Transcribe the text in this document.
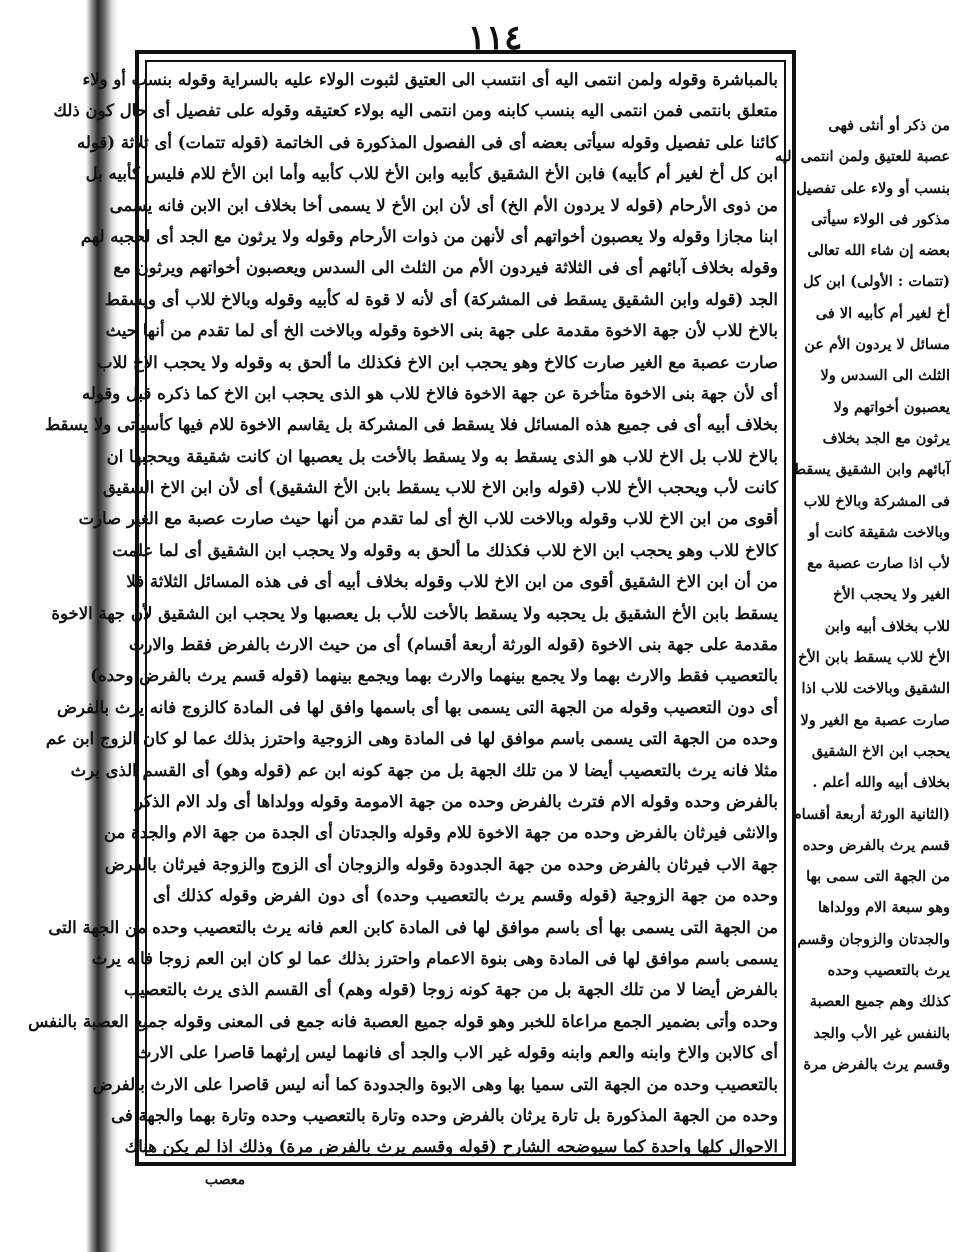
١١٤
بالمباشرة وقوله ولمن انتمى اليه أى انتسب الى العتيق لثبوت الولاء عليه بالسراية وقوله بنسب أو ولاء
متعلق بانتمى فمن انتمى اليه بنسب كابنه ومن انتمى اليه بولاء كعتيقه وقوله على تفصيل أى حال كون ذلك
كائنا على تفصيل وقوله سيأتى بعضه أى فى الفصول المذكورة فى الخاتمة (قوله تتمات) أى ثلاثة (قوله
ابن كل أخ لغير أم كأبيه) فابن الأخ الشقيق كأبيه وابن الأخ للاب كأبيه وأما ابن الأخ للام فليس كأبيه بل
من ذوى الأرحام (قوله لا يردون الأم الخ) أى لأن ابن الأخ لا يسمى أخا بخلاف ابن الابن فانه يسمى
ابنا مجازا وقوله ولا يعصبون أخواتهم أى لأنهن من ذوات الأرحام وقوله ولا يرثون مع الجد أى لحجبه لهم
وقوله بخلاف آبائهم أى فى الثلاثة فيردون الأم من الثلث الى السدس ويعصبون أخواتهم ويرثون مع
الجد (قوله وابن الشقيق يسقط فى المشركة) أى لأنه لا قوة له كأبيه وقوله وبالاخ للاب أى ويسقط
بالاخ للاب لأن جهة الاخوة مقدمة على جهة بنى الاخوة وقوله وبالاخت الخ أى لما تقدم من أنها حيث
صارت عصبة مع الغير صارت كالاخ وهو يحجب ابن الاخ فكذلك ما ألحق به وقوله ولا يحجب الاخ للاب
أى لأن جهة بنى الاخوة متأخرة عن جهة الاخوة فالاخ للاب هو الذى يحجب ابن الاخ كما ذكره قبل وقوله
بخلاف أبيه أى فى جميع هذه المسائل فلا يسقط فى المشركة بل يقاسم الاخوة للام فيها كأسيأتى ولا يسقط
بالاخ للاب بل الاخ للاب هو الذى يسقط به ولا يسقط بالأخت بل يعصبها ان كانت شقيقة ويحجبها ان
كانت لأب ويحجب الأخ للاب (قوله وابن الاخ للاب يسقط بابن الأخ الشقيق) أى لأن ابن الاخ الشقيق
أقوى من ابن الاخ للاب وقوله وبالاخت للاب الخ أى لما تقدم من أنها حيث صارت عصبة مع الغير صارت
كالاخ للاب وهو يحجب ابن الاخ للاب فكذلك ما ألحق به وقوله ولا يحجب ابن الشقيق أى لما علمت
من أن ابن الاخ الشقيق أقوى من ابن الاخ للاب وقوله بخلاف أبيه أى فى هذه المسائل الثلاثة فلا
يسقط بابن الأخ الشقيق بل يحجبه ولا يسقط بالأخت للأب بل يعصبها ولا يحجب ابن الشقيق لأن جهة الاخوة
مقدمة على جهة بنى الاخوة (قوله الورثة أربعة أقسام) أى من حيث الارث بالفرض فقط والارث
بالتعصيب فقط والارث بهما ولا يجمع بينهما والارث بهما ويجمع بينهما (قوله قسم يرث بالفرض وحده)
أى دون التعصيب وقوله من الجهة التى يسمى بها أى باسمها وافق لها فى المادة كالزوج فانه يرث بالفرض
وحده من الجهة التى يسمى باسم موافق لها فى المادة وهى الزوجية واحترز بذلك عما لو كان الزوج ابن عم
مثلا فانه يرث بالتعصيب أيضا لا من تلك الجهة بل من جهة كونه ابن عم (قوله وهو) أى القسم الذى يرث
بالفرض وحده وقوله الام فترث بالفرض وحده من جهة الامومة وقوله وولداها أى ولد الام الذكر
والانثى فيرثان بالفرض وحده من جهة الاخوة للام وقوله والجدتان أى الجدة من جهة الام والجدة من
جهة الاب فيرثان بالفرض وحده من جهة الجدودة وقوله والزوجان أى الزوج والزوجة فيرثان بالفرض
وحده من جهة الزوجية (قوله وقسم يرث بالتعصيب وحده) أى دون الفرض وقوله كذلك أى
من الجهة التى يسمى بها أى باسم موافق لها فى المادة كابن العم فانه يرث بالتعصيب وحده من الجهة التى
يسمى باسم موافق لها فى المادة وهى بنوة الاعمام واحترز بذلك عما لو كان ابن العم زوجا فانه يرث
بالفرض أيضا لا من تلك الجهة بل من جهة كونه زوجا (قوله وهم) أى القسم الذى يرث بالتعصيب
وحده وأتى بضمير الجمع مراعاة للخبر وهو قوله جميع العصبة فانه جمع فى المعنى وقوله جميع العصبة بالنفس
أى كالابن والاخ وابنه والعم وابنه وقوله غير الاب والجد أى فانهما ليس إرثهما قاصرا على الارث
بالتعصيب وحده من الجهة التى سميا بها وهى الابوة والجدودة كما أنه ليس قاصرا على الارث بالفرض
وحده من الجهة المذكورة بل تارة يرثان بالفرض وحده وتارة بالتعصيب وحده وتارة بهما والجهة فى
الاحوال كلها واحدة كما سيوضحه الشارح (قوله وقسم يرث بالفرض مرة) وذلك اذا لم يكن هناك
من ذكر أو أنثى فهى
عصبة للعتيق ولمن انتمى اليه
بنسب أو ولاء على تفصيل
مذكور فى الولاء سيأتى
بعضه إن شاء الله تعالى
(تتمات : الأولى) ابن كل
أخ لغير أم كأبيه الا فى
مسائل لا يردون الأم عن
الثلث الى السدس ولا
يعصبون أخواتهم ولا
يرثون مع الجد بخلاف
آبائهم وابن الشقيق يسقط
فى المشركة وبالاخ للاب
وبالاخت شقيقة كانت أو
لأب اذا صارت عصبة مع
الغير ولا يحجب الأخ
للاب بخلاف أبيه وابن
الأخ للاب يسقط بابن الأخ
الشقيق وبالاخت للاب اذا
صارت عصبة مع الغير ولا
يحجب ابن الاخ الشقيق
بخلاف أبيه والله أعلم .
(الثانية الورثة أربعة أقسام
قسم يرث بالفرض وحده
من الجهة التى سمى بها
وهو سبعة الام وولداها
والجدتان والزوجان وقسم
يرث بالتعصيب وحده
كذلك وهم جميع العصبة
بالنفس غير الأب والجد
وقسم يرث بالفرض مرة
معصب
